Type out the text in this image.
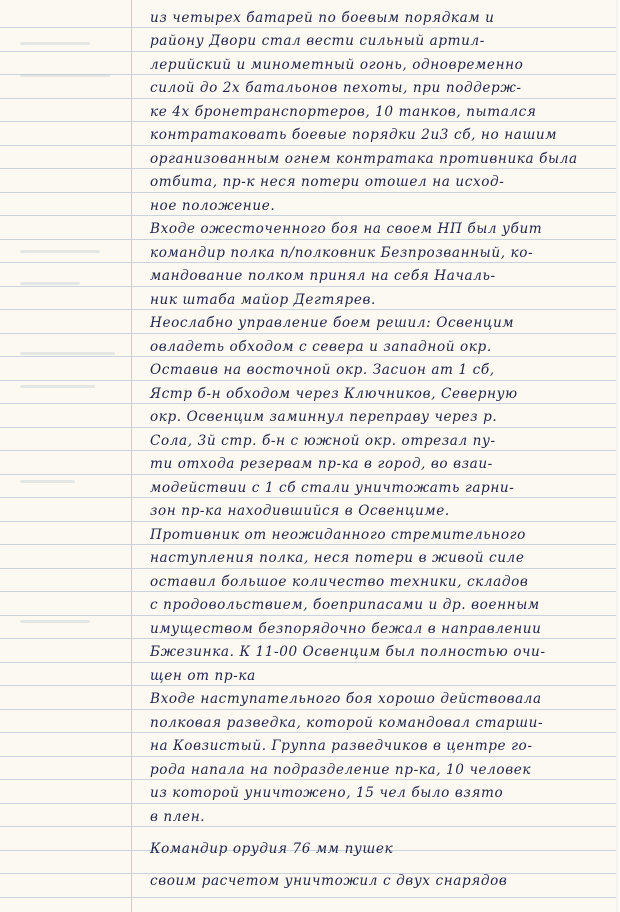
из четырех батарей по боевым порядкам и
району Двори стал вести сильный артил-
лерийский и минометный огонь, одновременно
силой до 2х батальонов пехоты, при поддерж-
ке 4х бронетранспортеров, 10 танков, пытался
контратаковать боевые порядки 2и3 сб, но нашим
организованным огнем контратака противника была
отбита, пр-к неся потери отошел на исход-
ное положение.
Входе ожесточенного боя на своем НП был убит
командир полка п/полковник Безпрозванный, ко-
мандование полком принял на себя Началь-
ник штаба майор Дегтярев.
Неослабно управление боем решил: Освенцим
овладеть обходом с севера и западной окр.
Оставив на восточной окр. Засион ат 1 сб,
Ястр б-н обходом через Ключников, Северную
окр. Освенцим заминнул переправу через р.
Сола, 3й стр. б-н с южной окр. отрезал пу-
ти отхода резервам пр-ка в город, во взаи-
модействии с 1 сб стали уничтожать гарни-
зон пр-ка находившийся в Освенциме.
Противник от неожиданного стремительного
наступления полка, неся потери в живой силе
оставил большое количество техники, складов
с продовольствием, боеприпасами и др. военным
имуществом безпорядочно бежал в направлении
Бжезинка. К 11-00 Освенцим был полностью очи-
щен от пр-ка
Входе наступательного боя хорошо действовала
полковая разведка, которой командовал старши-
на Ковзистый. Группа разведчиков в центре го-
рода напала на подразделение пр-ка, 10 человек
из которой уничтожено, 15 чел было взято
в плен.
Командир орудия 76 мм пушек
своим расчетом уничтожил с двух снарядов
